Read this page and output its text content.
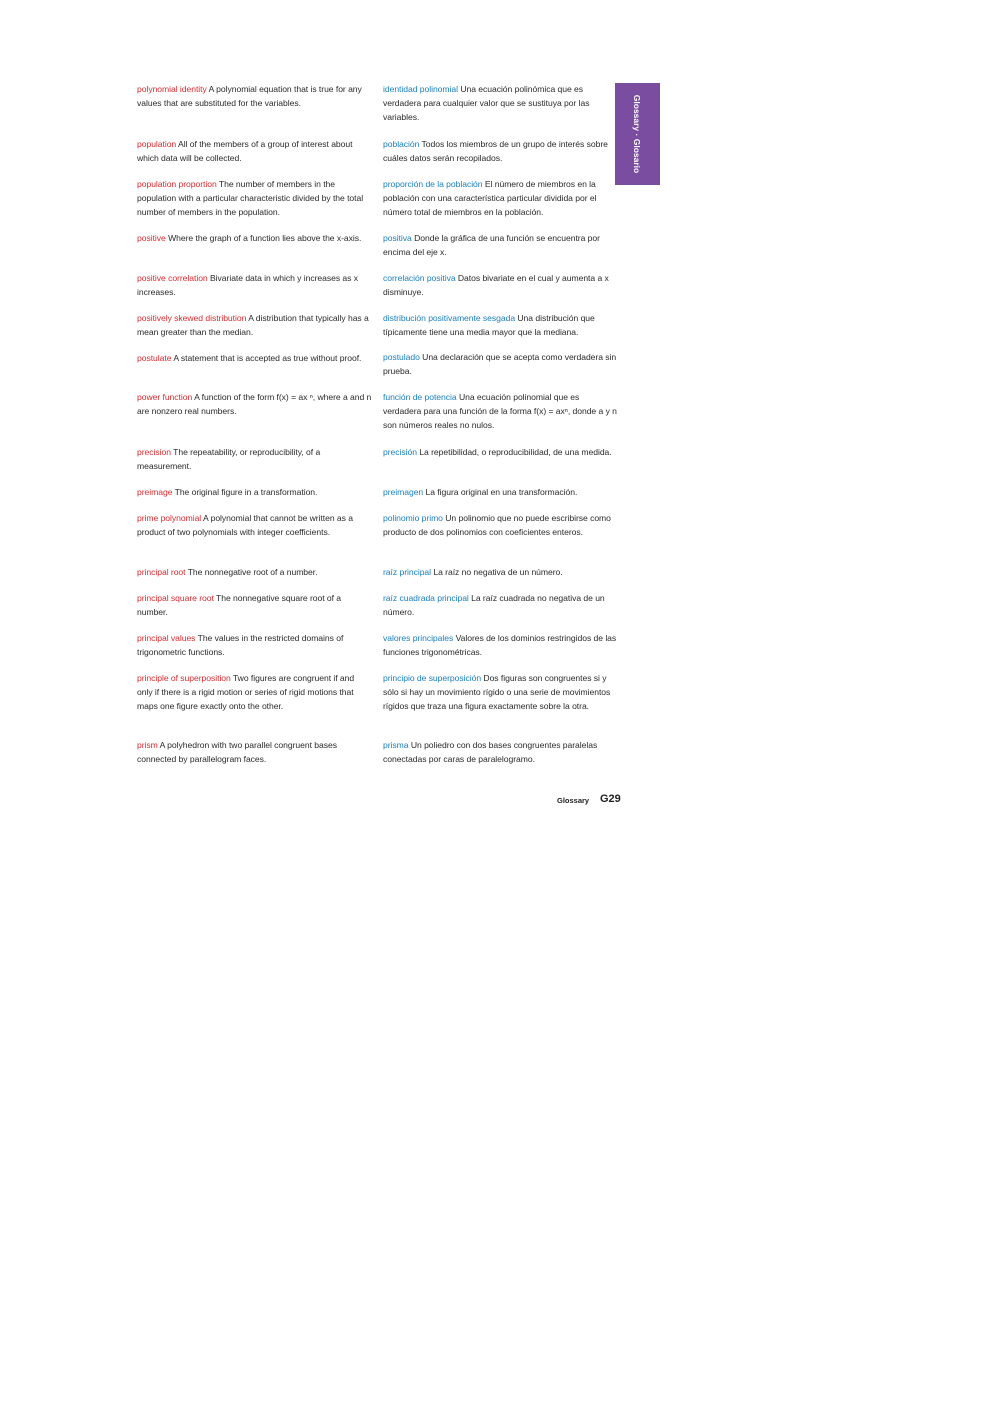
Glossary · Glosario
polynomial identity A polynomial equation that is true for any values that are substituted for the variables.
identidad polinomial Una ecuación polinómica que es verdadera para cualquier valor que se sustituya por las variables.
population All of the members of a group of interest about which data will be collected.
población Todos los miembros de un grupo de interés sobre cuáles datos serán recopilados.
population proportion The number of members in the population with a particular characteristic divided by the total number of members in the population.
proporción de la población El número de miembros en la población con una característica particular dividida por el número total de miembros en la población.
positive Where the graph of a function lies above the x-axis.	positiva Donde la gráfica de una función se encuentra por encima del eje x.
positive correlation Bivariate data in which y increases as x increases.
correlación positiva Datos bivariate en el cual y aumenta a x disminuye.
positively skewed distribution A distribution that typically has a mean greater than the median.
distribución positivamente sesgada Una distribución que típicamente tiene una media mayor que la mediana.
postulate A statement that is accepted as true without proof.	postulado Una declaración que se acepta como verdadera sin prueba.
power function A function of the form f(x) = ax ⁿ, where a and n are nonzero real numbers.
función de potencia Una ecuación polinomial que es verdadera para una función de la forma f(x) = axⁿ, donde a y n son números reales no nulos.
precision The repeatability, or reproducibility, of a measurement.
precisión La repetibilidad, o reproducibilidad, de una medida.
preimage The original figure in a transformation.	preimagen La figura original en una transformación.
prime polynomial A polynomial that cannot be written as a product of two polynomials with integer coefficients.
polinomio primo Un polinomio que no puede escribirse como producto de dos polinomios con coeficientes enteros.
principal root The nonnegative root of a number.	raíz principal La raíz no negativa de un número.
principal square root The nonnegative square root of a number.
raíz cuadrada principal La raíz cuadrada no negativa de un número.
principal values The values in the restricted domains of trigonometric functions.
valores principales Valores de los dominios restringidos de las funciones trigonométricas.
principle of superposition Two figures are congruent if and only if there is a rigid motion or series of rigid motions that maps one figure exactly onto the other.
principio de superposición Dos figuras son congruentes si y sólo si hay un movimiento rígido o una serie de movimientos rígidos que traza una figura exactamente sobre la otra.
prism A polyhedron with two parallel congruent bases connected by parallelogram faces.
prisma Un poliedro con dos bases congruentes paralelas conectadas por caras de paralelogramo.
Glossary G29
